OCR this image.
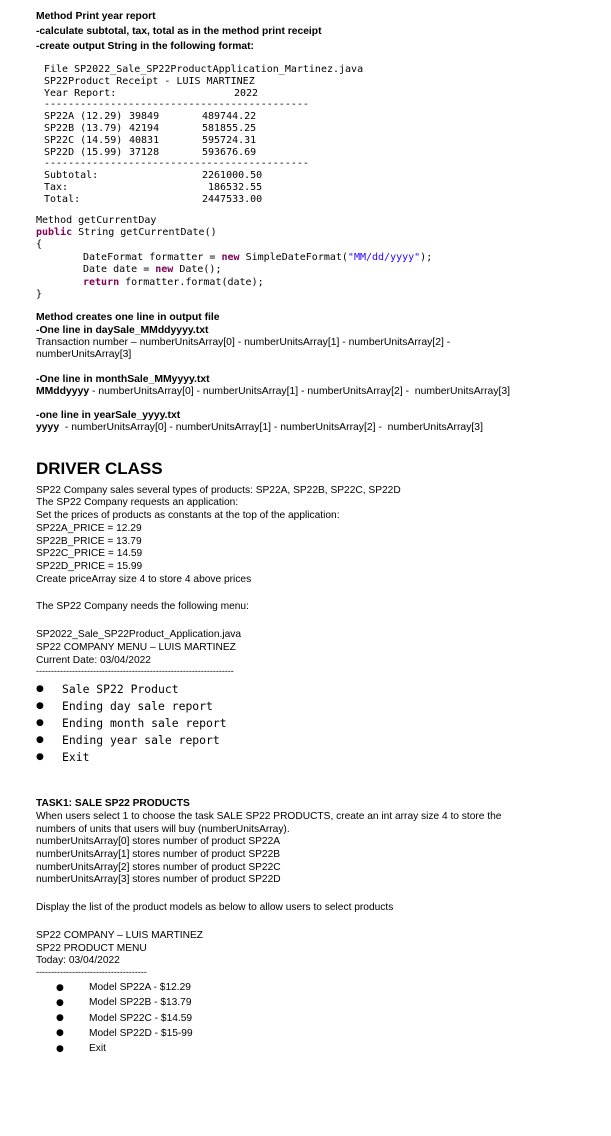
Method Print year report
-calculate subtotal, tax, total as in the method print receipt
-create output String in the following format:
File SP2022_Sale_SP22ProductApplication_Martinez.java
SP22Product Receipt - LUIS MARTINEZ
Year Report:	2022
--------------------------------------------
SP22A (12.29) 39849	489744.22
SP22B (13.79) 42194	581855.25
SP22C (14.59) 40831	595724.31
SP22D (15.99) 37128	593676.69
--------------------------------------------
Subtotal:	2261000.50
Tax:	186532.55
Total:	2447533.00
Method getCurrentDay
public String getCurrentDate()
{
DateFormat formatter = new SimpleDateFormat("MM/dd/yyyy");
Date date = new Date();
return formatter.format(date);
}
Method creates one line in output file
-One line in daySale_MMddyyyy.txt
Transaction number – numberUnitsArray[0] - numberUnitsArray[1] - numberUnitsArray[2] -
numberUnitsArray[3]
-One line in monthSale_MMyyyy.txt
MMddyyyy - numberUnitsArray[0] - numberUnitsArray[1] - numberUnitsArray[2] -  numberUnitsArray[3]
-one line in yearSale_yyyy.txt
yyyy  - numberUnitsArray[0] - numberUnitsArray[1] - numberUnitsArray[2] -  numberUnitsArray[3]
DRIVER CLASS
SP22 Company sales several types of products: SP22A, SP22B, SP22C, SP22D
The SP22 Company requests an application:
Set the prices of products as constants at the top of the application:
SP22A_PRICE = 12.29
SP22B_PRICE = 13.79
SP22C_PRICE = 14.59
SP22D_PRICE = 15.99
Create priceArray size 4 to store 4 above prices
The SP22 Company needs the following menu:
SP2022_Sale_SP22Product_Application.java
SP22 COMPANY MENU – LUIS MARTINEZ
Current Date: 03/04/2022
------------------------------------------------------------------
●	Sale SP22 Product
●	Ending day sale report
●	Ending month sale report
●	Ending year sale report
●	Exit
TASK1: SALE SP22 PRODUCTS
When users select 1 to choose the task SALE SP22 PRODUCTS, create an int array size 4 to store the
numbers of units that users will buy (numberUnitsArray).
numberUnitsArray[0] stores number of product SP22A
numberUnitsArray[1] stores number of product SP22B
numberUnitsArray[2] stores number of product SP22C
numberUnitsArray[3] stores number of product SP22D
Display the list of the product models as below to allow users to select products
SP22 COMPANY – LUIS MARTINEZ
SP22 PRODUCT MENU
Today: 03/04/2022
-------------------------------------
●	Model SP22A - $12.29
●	Model SP22B - $13.79
●	Model SP22C - $14.59
●	Model SP22D - $15-99
●	Exit
